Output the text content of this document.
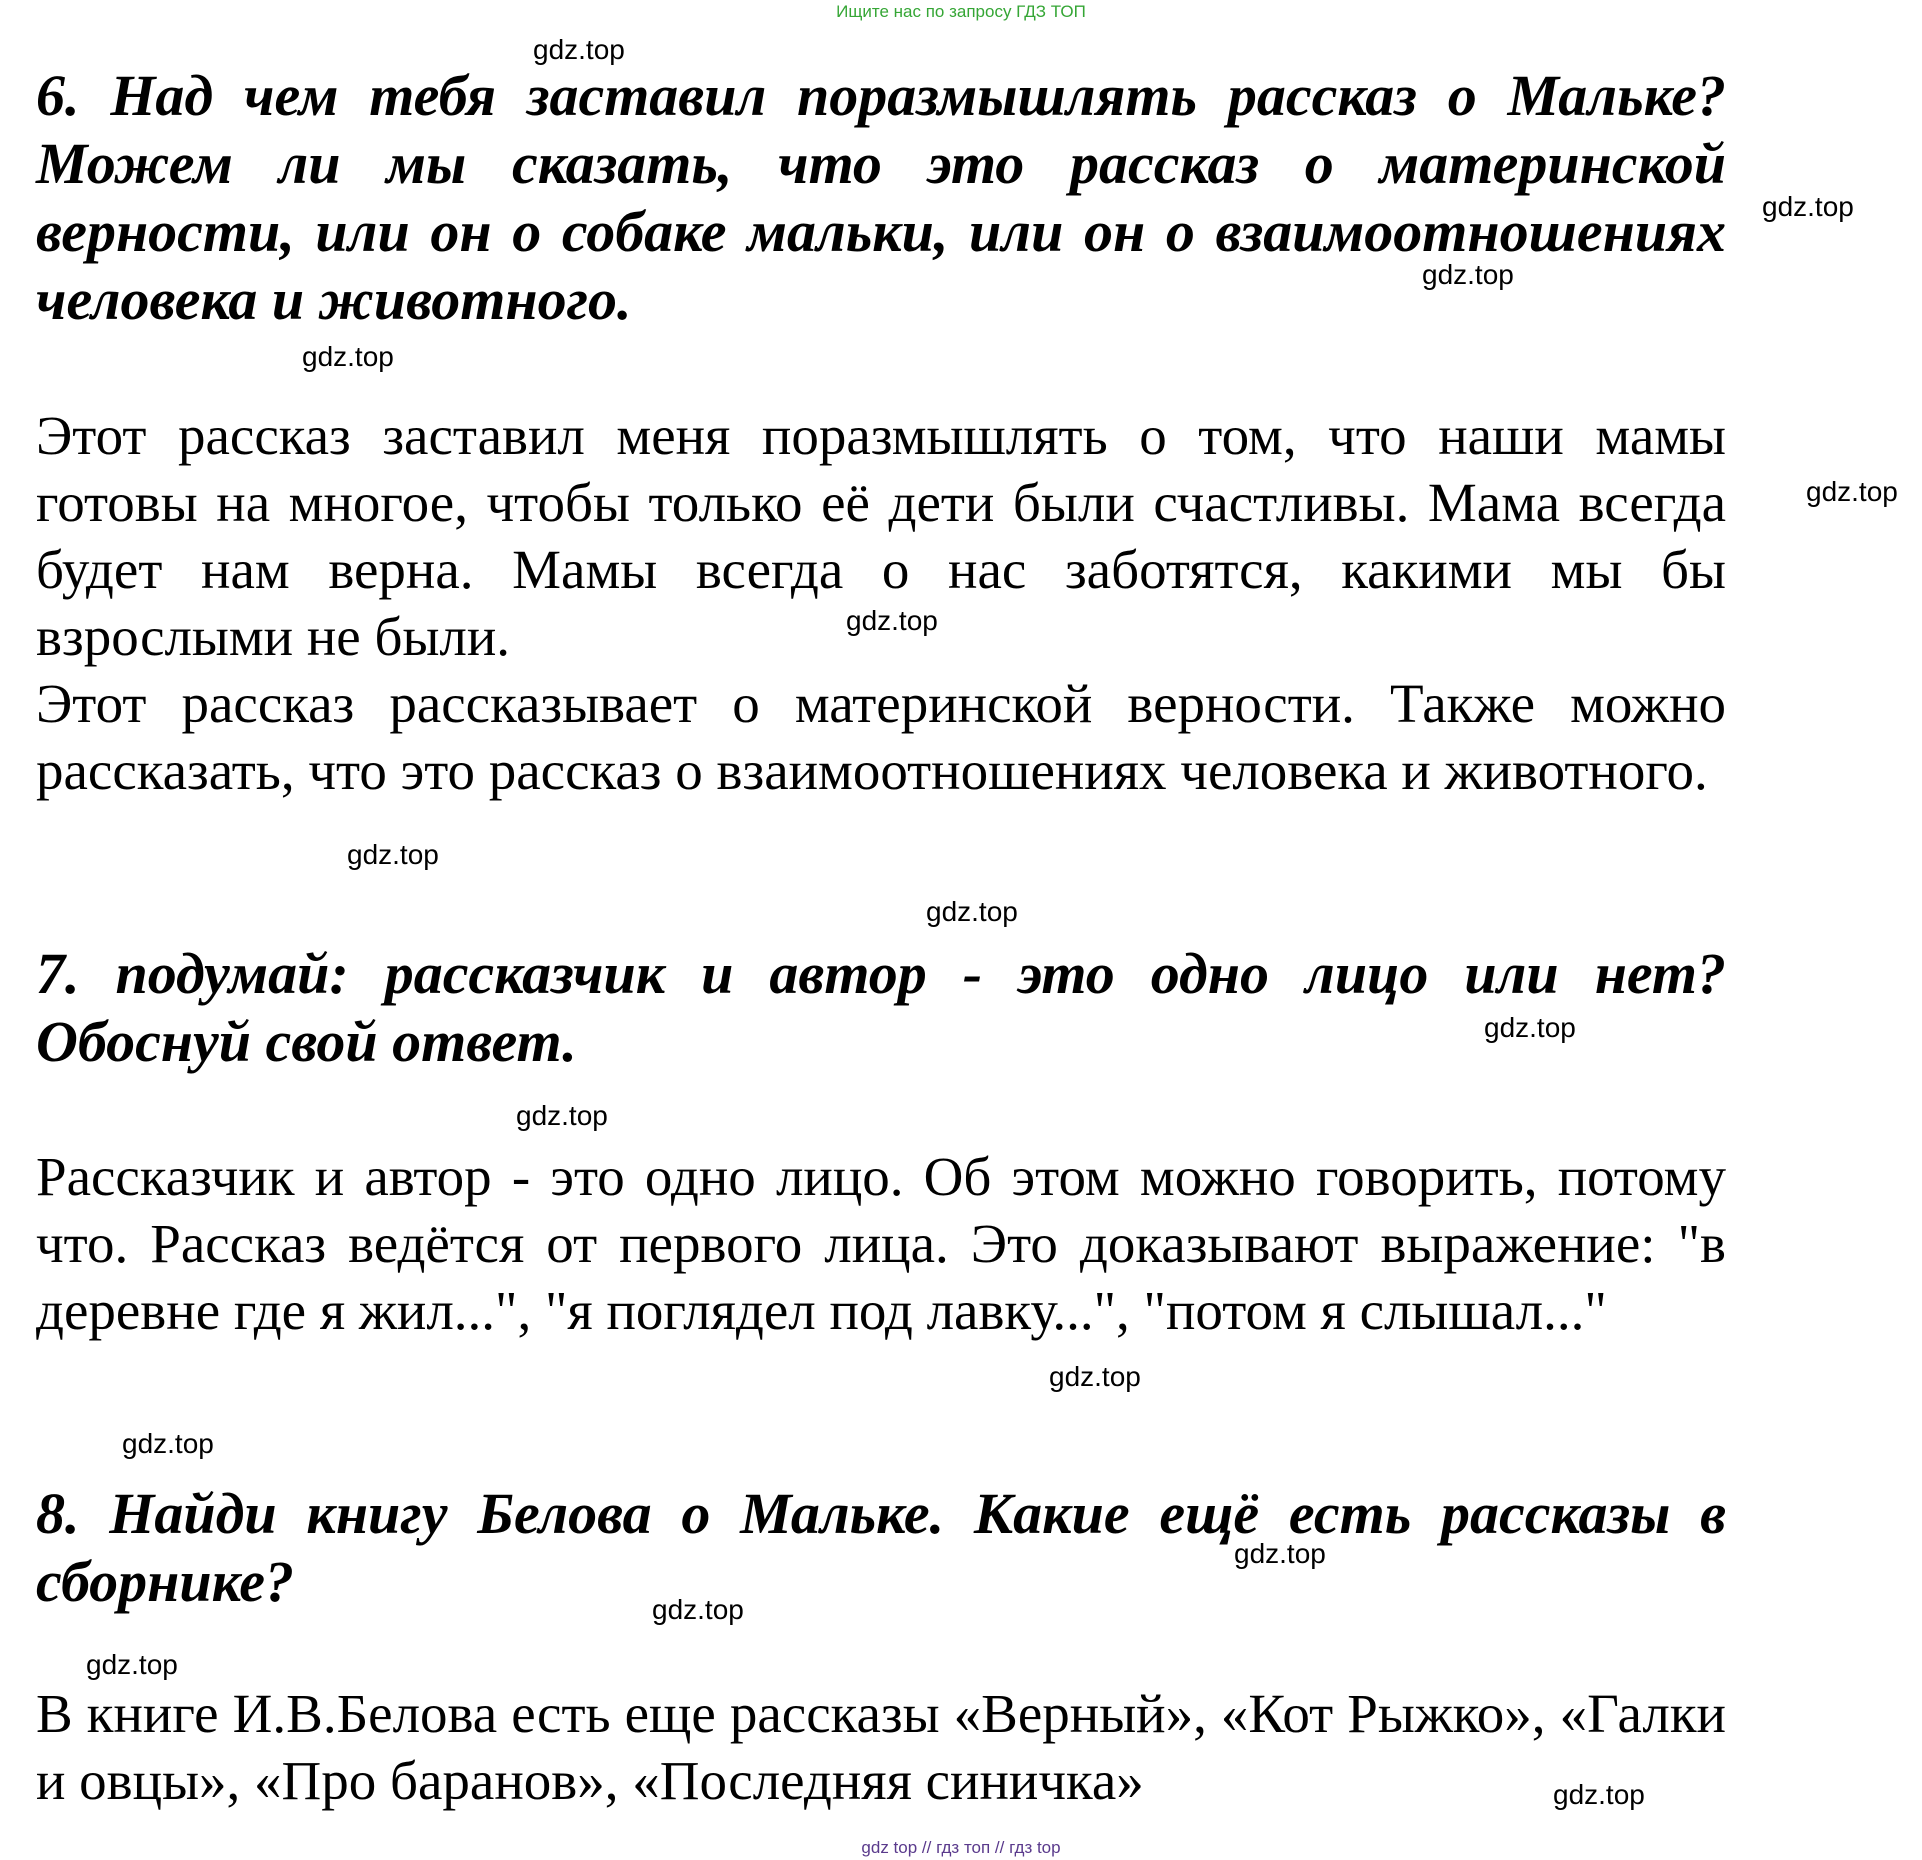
Ищите нас по запросу ГДЗ ТОП

6. Над чем тебя заставил поразмышлять рассказ о Мальке? Можем ли мы сказать, что это рассказ о материнской верности, или он о собаке мальки, или он о взаимоотношениях человека и животного.

Этот рассказ заставил меня поразмышлять о том, что наши мамы готовы на многое, чтобы только её дети были счастливы. Мама всегда будет нам верна. Мамы всегда о нас заботятся, какими мы бы взрослыми не были.

Этот рассказ рассказывает о материнской верности. Также можно рассказать, что это рассказ о взаимоотношениях человека и животного.

7. подумай: рассказчик и автор - это одно лицо или нет? Обоснуй свой ответ.

Рассказчик и автор - это одно лицо. Об этом можно говорить, потому что. Рассказ ведётся от первого лица. Это доказывают выражение: "в деревне где я жил...", "я поглядел под лавку...", "потом я слышал..."

8. Найди книгу Белова о Мальке. Какие ещё есть рассказы в сборнике?

В книге И.В.Белова есть еще рассказы «Верный», «Кот Рыжко», «Галки и овцы», «Про баранов», «Последняя синичка»

gdz.top
gdz.top
gdz.top
gdz.top
gdz.top
gdz.top
gdz.top
gdz.top
gdz.top
gdz.top
gdz.top
gdz.top
gdz.top
gdz.top
gdz.top
gdz.top
gdz top // гдз топ // гдз top
